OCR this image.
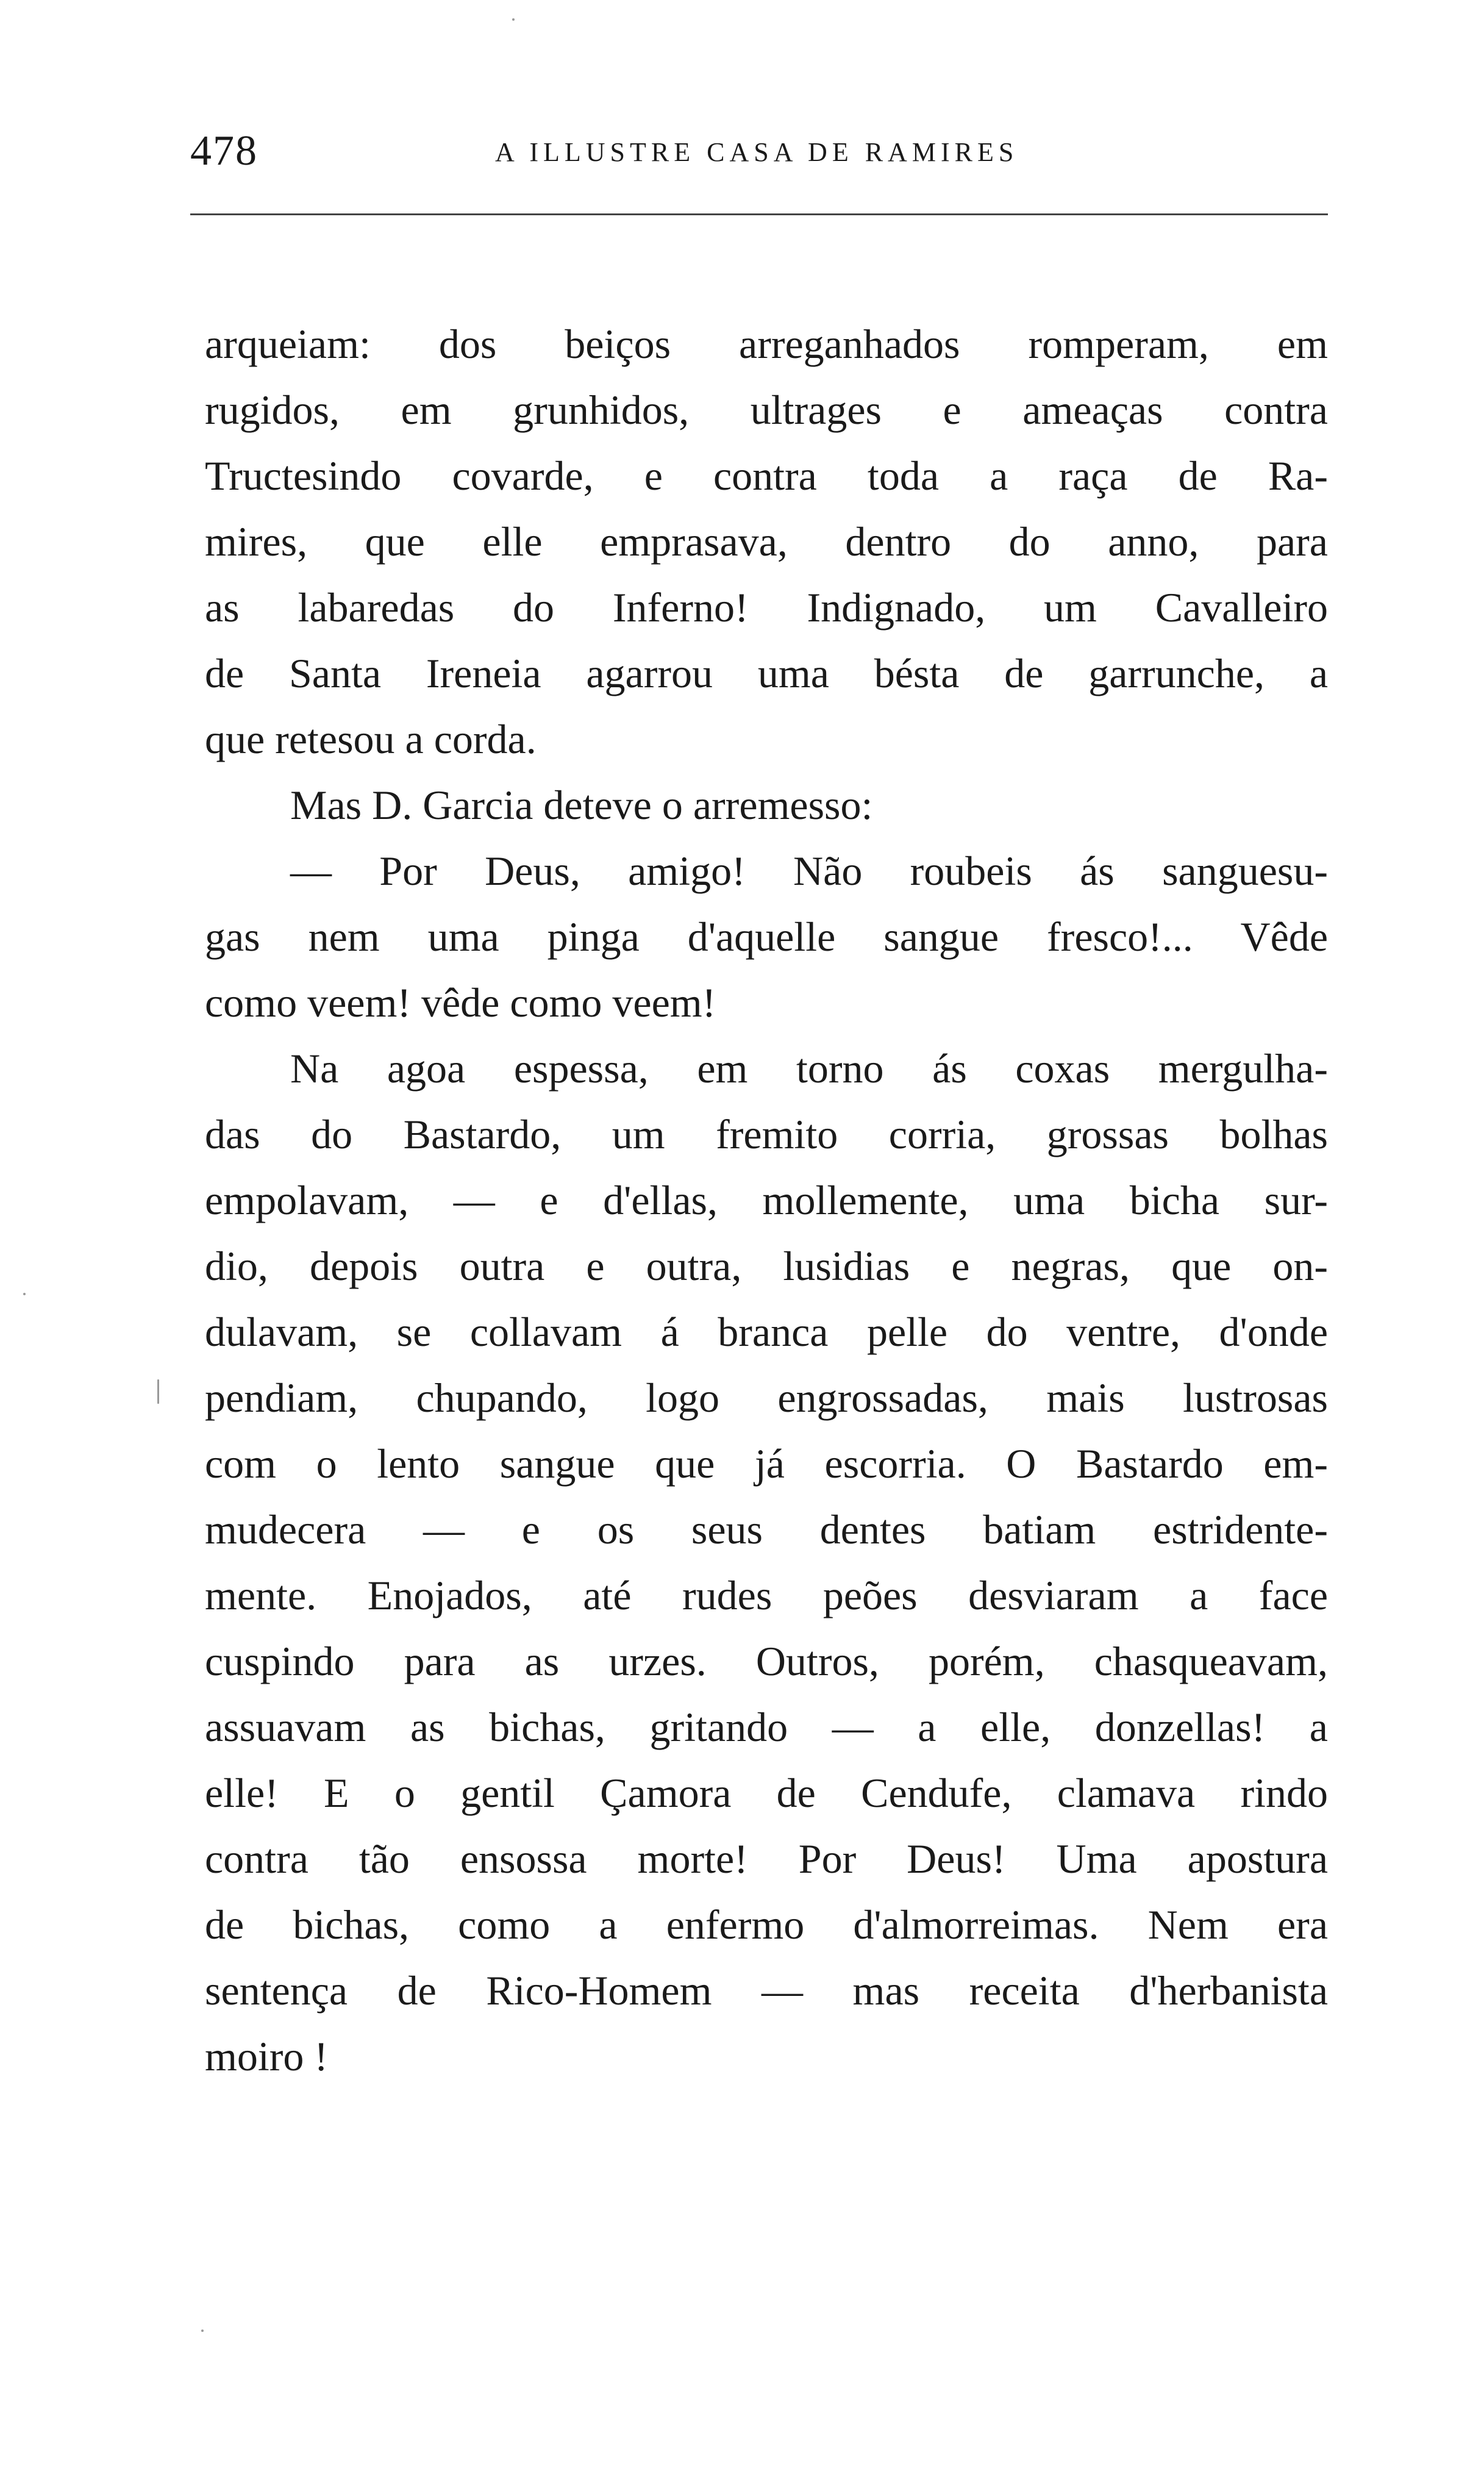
478	A ILLUSTRE CASA DE RAMIRES
arqueiam: dos beiços arreganhados romperam, em
rugidos, em grunhidos, ultrages e ameaças contra
Tructesindo covarde, e contra toda a raça de Ra-
mires, que elle emprasava, dentro do anno, para
as labaredas do Inferno! Indignado, um Cavalleiro
de Santa Ireneia agarrou uma bésta de garrunche, a
que retesou a corda.
Mas D. Garcia deteve o arremesso:
— Por Deus, amigo! Não roubeis ás sanguesu-
gas nem uma pinga d'aquelle sangue fresco!... Vêde
como veem! vêde como veem!
Na agoa espessa, em torno ás coxas mergulha-
das do Bastardo, um fremito corria, grossas bolhas
empolavam, — e d'ellas, mollemente, uma bicha sur-
dio, depois outra e outra, lusidias e negras, que on-
dulavam, se collavam á branca pelle do ventre, d'onde
pendiam, chupando, logo engrossadas, mais lustrosas
com o lento sangue que já escorria. O Bastardo em-
mudecera — e os seus dentes batiam estridente-
mente. Enojados, até rudes peões desviaram a face
cuspindo para as urzes. Outros, porém, chasqueavam,
assuavam as bichas, gritando — a elle, donzellas! a
elle! E o gentil Çamora de Cendufe, clamava rindo
contra tão ensossa morte! Por Deus! Uma apostura
de bichas, como a enfermo d'almorreimas. Nem era
sentença de Rico-Homem — mas receita d'herbanista
moiro !
